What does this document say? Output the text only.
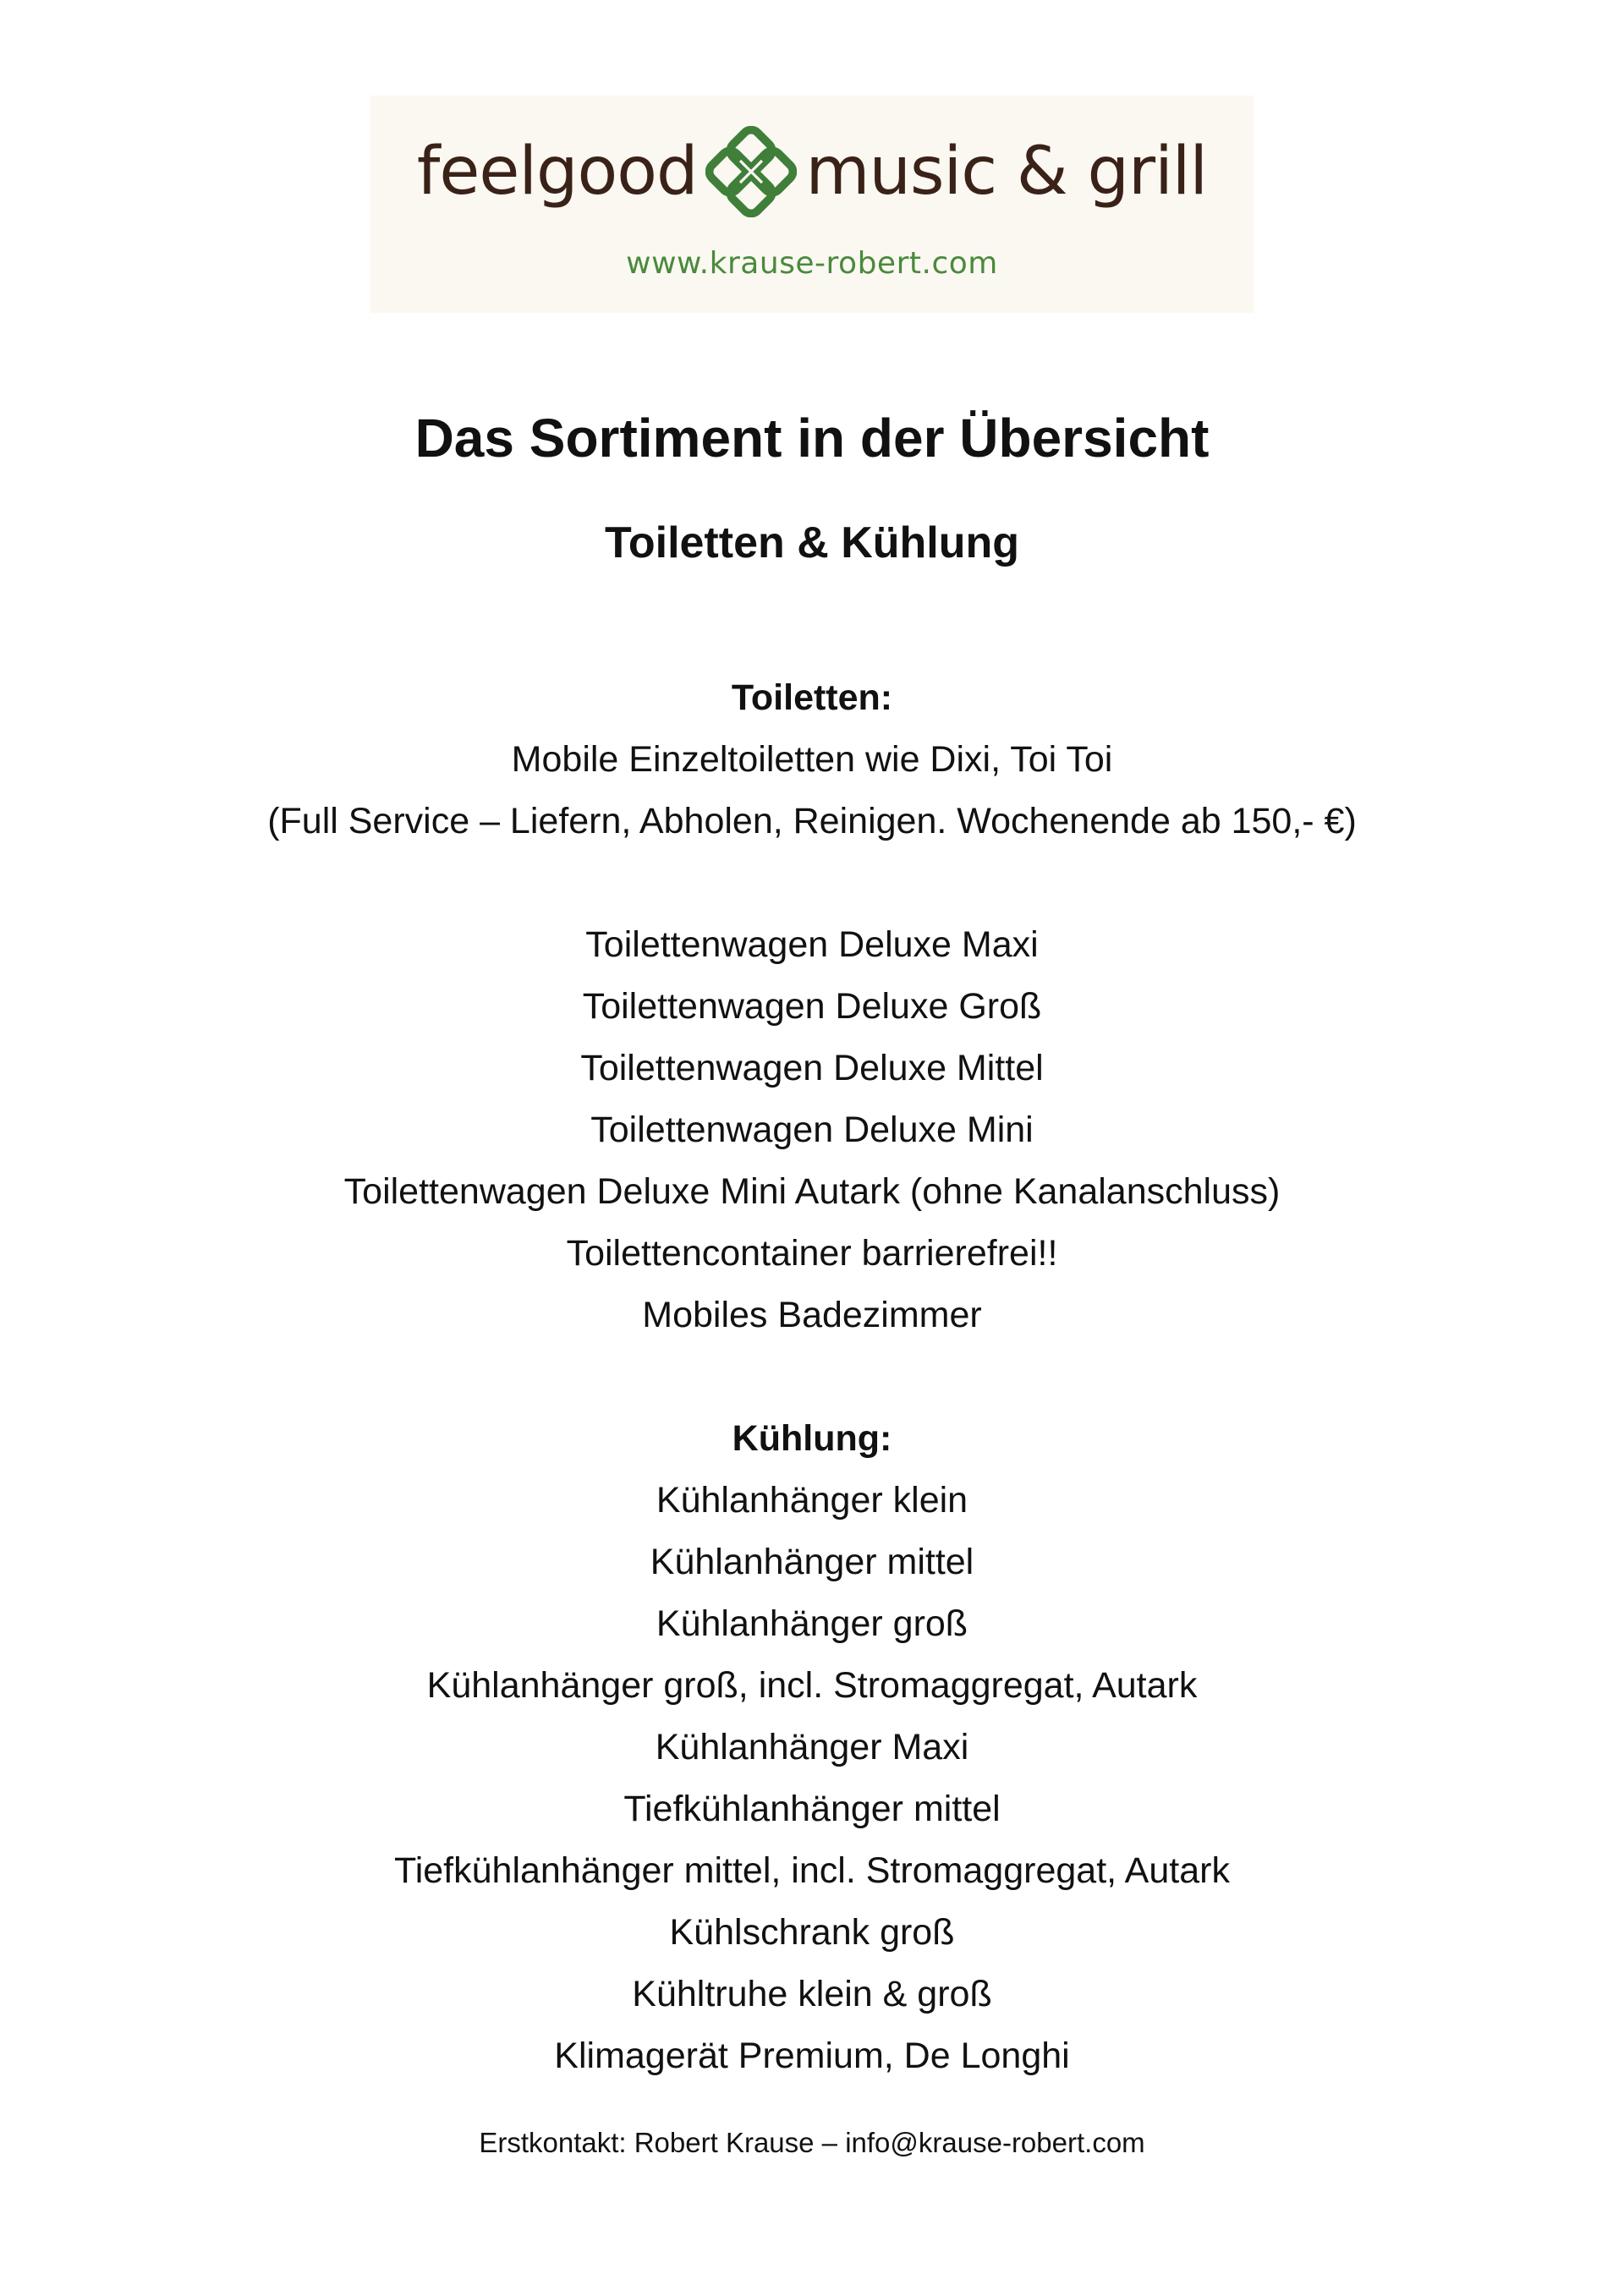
feelgood music & grill
www.krause-robert.com
Das Sortiment in der Übersicht
Toiletten & Kühlung
Toiletten:
Mobile Einzeltoiletten wie Dixi, Toi Toi
(Full Service – Liefern, Abholen, Reinigen. Wochenende ab 150,- €)
Toilettenwagen Deluxe Maxi
Toilettenwagen Deluxe Groß
Toilettenwagen Deluxe Mittel
Toilettenwagen Deluxe Mini
Toilettenwagen Deluxe Mini Autark (ohne Kanalanschluss)
Toilettencontainer barrierefrei!!
Mobiles Badezimmer
Kühlung:
Kühlanhänger klein
Kühlanhänger mittel
Kühlanhänger groß
Kühlanhänger groß, incl. Stromaggregat, Autark
Kühlanhänger Maxi
Tiefkühlanhänger mittel
Tiefkühlanhänger mittel, incl. Stromaggregat, Autark
Kühlschrank groß
Kühltruhe klein & groß
Klimagerät Premium, De Longhi
Erstkontakt: Robert Krause – info@krause-robert.com
